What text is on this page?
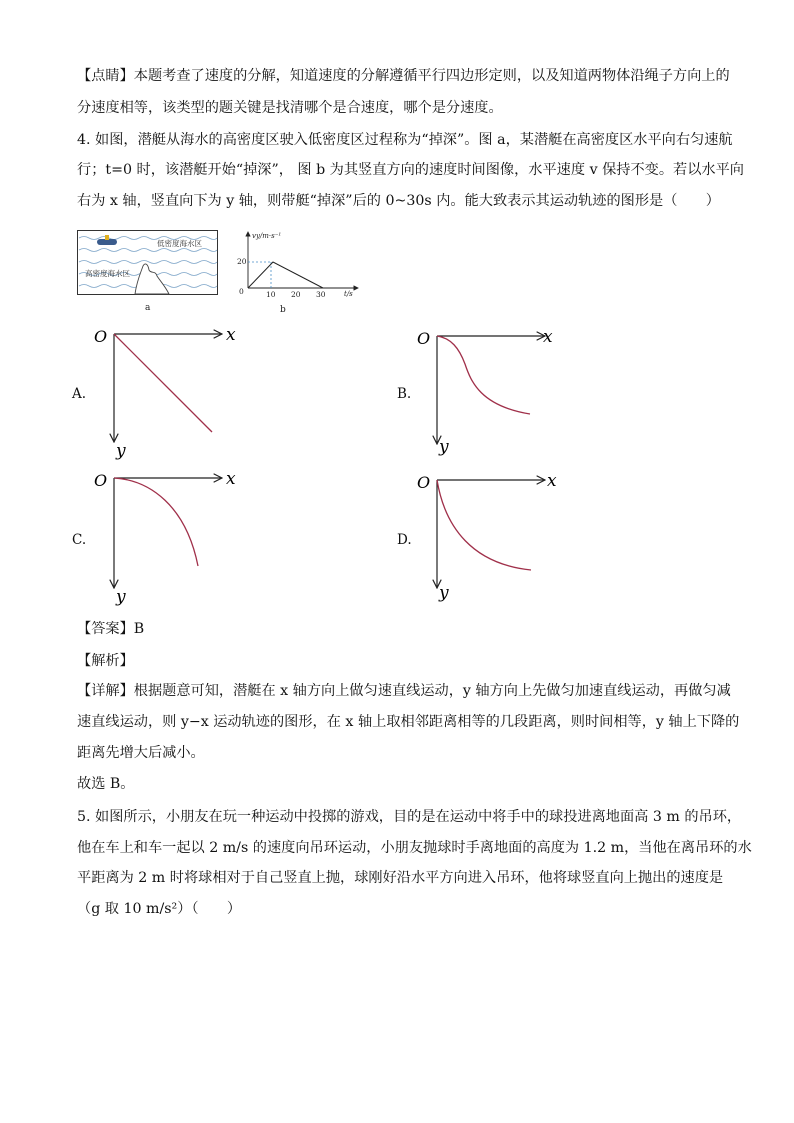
【点睛】本题考查了速度的分解，知道速度的分解遵循平行四边形定则，以及知道两物体沿绳子方向上的
分速度相等，该类型的题关键是找清哪个是合速度，哪个是分速度。
4. 如图，潜艇从海水的高密度区驶入低密度区过程称为“掉深”。图 a，某潜艇在高密度区水平向右匀速航
行；t=0 时，该潜艇开始“掉深”， 图 b 为其竖直方向的速度时间图像，水平速度 v 保持不变。若以水平向
右为 x 轴，竖直向下为 y 轴，则带艇“掉深”后的 0~30s 内。能大致表示其运动轨迹的图形是（　　）
低密度海水区
高密度海水区
a
vy/m·s⁻¹
t/s
0
20
10 20 30
b
A.
O	x
y
B.
O	x
y
C.
O	x
y
D.
O	x
y
【答案】B
【解析】
【详解】根据题意可知，潜艇在 x 轴方向上做匀速直线运动，y 轴方向上先做匀加速直线运动，再做匀减
速直线运动，则 y−x 运动轨迹的图形，在 x 轴上取相邻距离相等的几段距离，则时间相等，y 轴上下降的
距离先增大后减小。
故选 B。
5. 如图所示，小朋友在玩一种运动中投掷的游戏，目的是在运动中将手中的球投进离地面高 3 m 的吊环，
他在车上和车一起以 2 m/s 的速度向吊环运动，小朋友抛球时手离地面的高度为 1.2 m，当他在离吊环的水
平距离为 2 m 时将球相对于自己竖直上抛，球刚好沿水平方向进入吊环，他将球竖直向上抛出的速度是
（g 取 10 m/s²）（　　）
